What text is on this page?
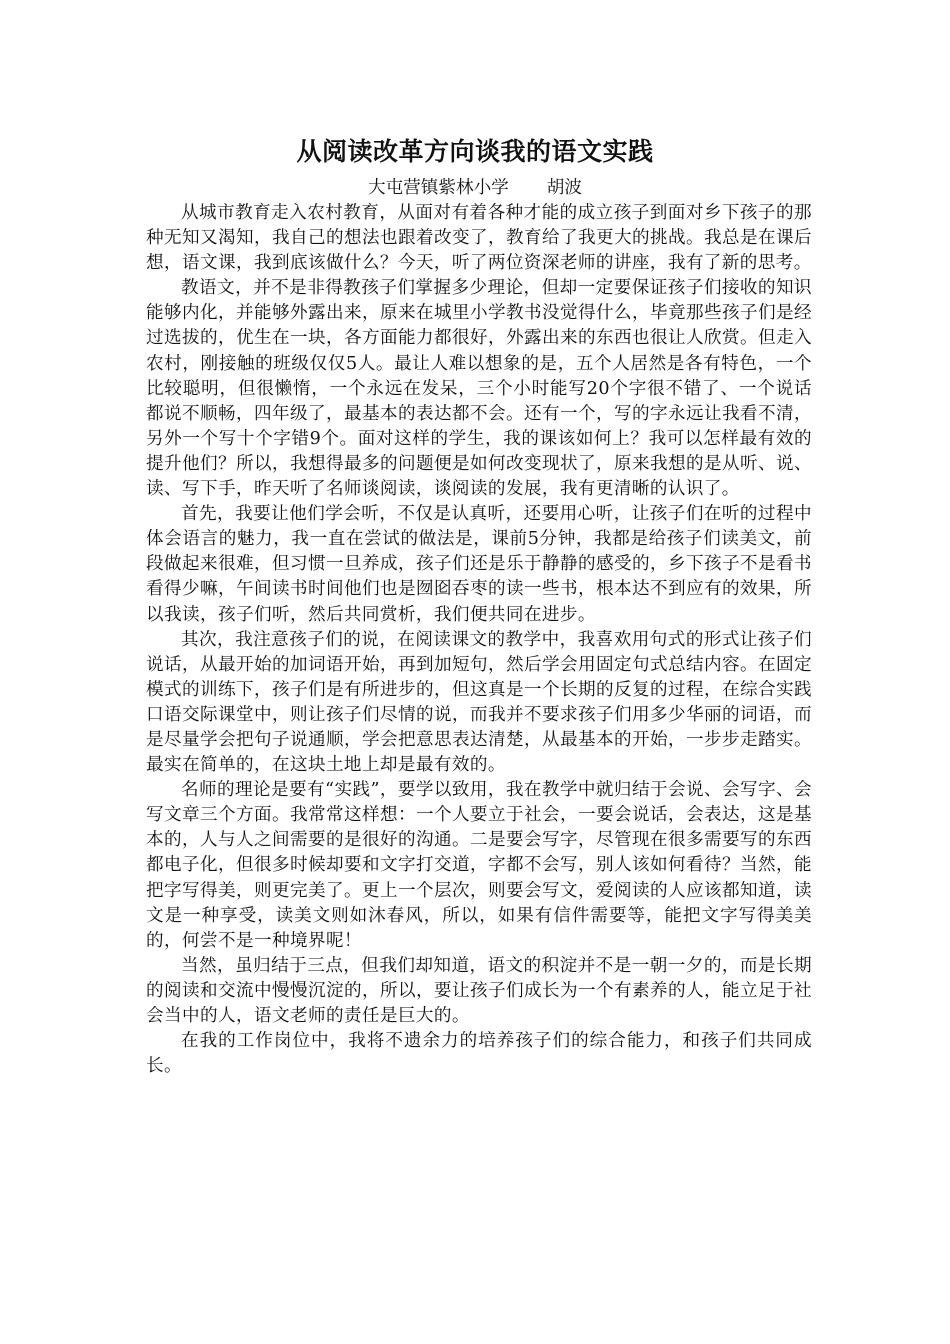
从阅读改革方向谈我的语文实践
大屯营镇紫林小学 胡波

从城市教育走入农村教育，从面对有着各种才能的成立孩子到面对乡下孩子的那种无知又渴知，我自己的想法也跟着改变了，教育给了我更大的挑战。我总是在课后想，语文课，我到底该做什么？今天，听了两位资深老师的讲座，我有了新的思考。

教语文，并不是非得教孩子们掌握多少理论，但却一定要保证孩子们接收的知识能够内化，并能够外露出来，原来在城里小学教书没觉得什么，毕竟那些孩子们是经过选拔的，优生在一块，各方面能力都很好，外露出来的东西也很让人欣赏。但走入农村，刚接触的班级仅仅5人。最让人难以想象的是，五个人居然是各有特色，一个比较聪明，但很懒惰，一个永远在发呆，三个小时能写20个字很不错了、一个说话都说不顺畅，四年级了，最基本的表达都不会。还有一个，写的字永远让我看不清，另外一个写十个字错9个。面对这样的学生，我的课该如何上？我可以怎样最有效的提升他们？所以，我想得最多的问题便是如何改变现状了，原来我想的是从听、说、读、写下手，昨天听了名师谈阅读，谈阅读的发展，我有更清晰的认识了。

首先，我要让他们学会听，不仅是认真听，还要用心听，让孩子们在听的过程中体会语言的魅力，我一直在尝试的做法是，课前5分钟，我都是给孩子们读美文，前段做起来很难，但习惯一旦养成，孩子们还是乐于静静的感受的，乡下孩子不是看书看得少嘛，午间读书时间他们也是囫囵吞枣的读一些书，根本达不到应有的效果，所以我读，孩子们听，然后共同赏析，我们便共同在进步。

其次，我注意孩子们的说，在阅读课文的教学中，我喜欢用句式的形式让孩子们说话，从最开始的加词语开始，再到加短句，然后学会用固定句式总结内容。在固定模式的训练下，孩子们是有所进步的，但这真是一个长期的反复的过程，在综合实践口语交际课堂中，则让孩子们尽情的说，而我并不要求孩子们用多少华丽的词语，而是尽量学会把句子说通顺，学会把意思表达清楚，从最基本的开始，一步步走踏实。最实在简单的，在这块土地上却是最有效的。

名师的理论是要有“实践”，要学以致用，我在教学中就归结于会说、会写字、会写文章三个方面。我常常这样想：一个人要立于社会，一要会说话，会表达，这是基本的，人与人之间需要的是很好的沟通。二是要会写字，尽管现在很多需要写的东西都电子化，但很多时候却要和文字打交道，字都不会写，别人该如何看待？当然，能把字写得美，则更完美了。更上一个层次，则要会写文，爱阅读的人应该都知道，读文是一种享受，读美文则如沐春风，所以，如果有信件需要等，能把文字写得美美的，何尝不是一种境界呢！

当然，虽归结于三点，但我们却知道，语文的积淀并不是一朝一夕的，而是长期的阅读和交流中慢慢沉淀的，所以，要让孩子们成长为一个有素养的人，能立足于社会当中的人，语文老师的责任是巨大的。

在我的工作岗位中，我将不遗余力的培养孩子们的综合能力，和孩子们共同成长。
